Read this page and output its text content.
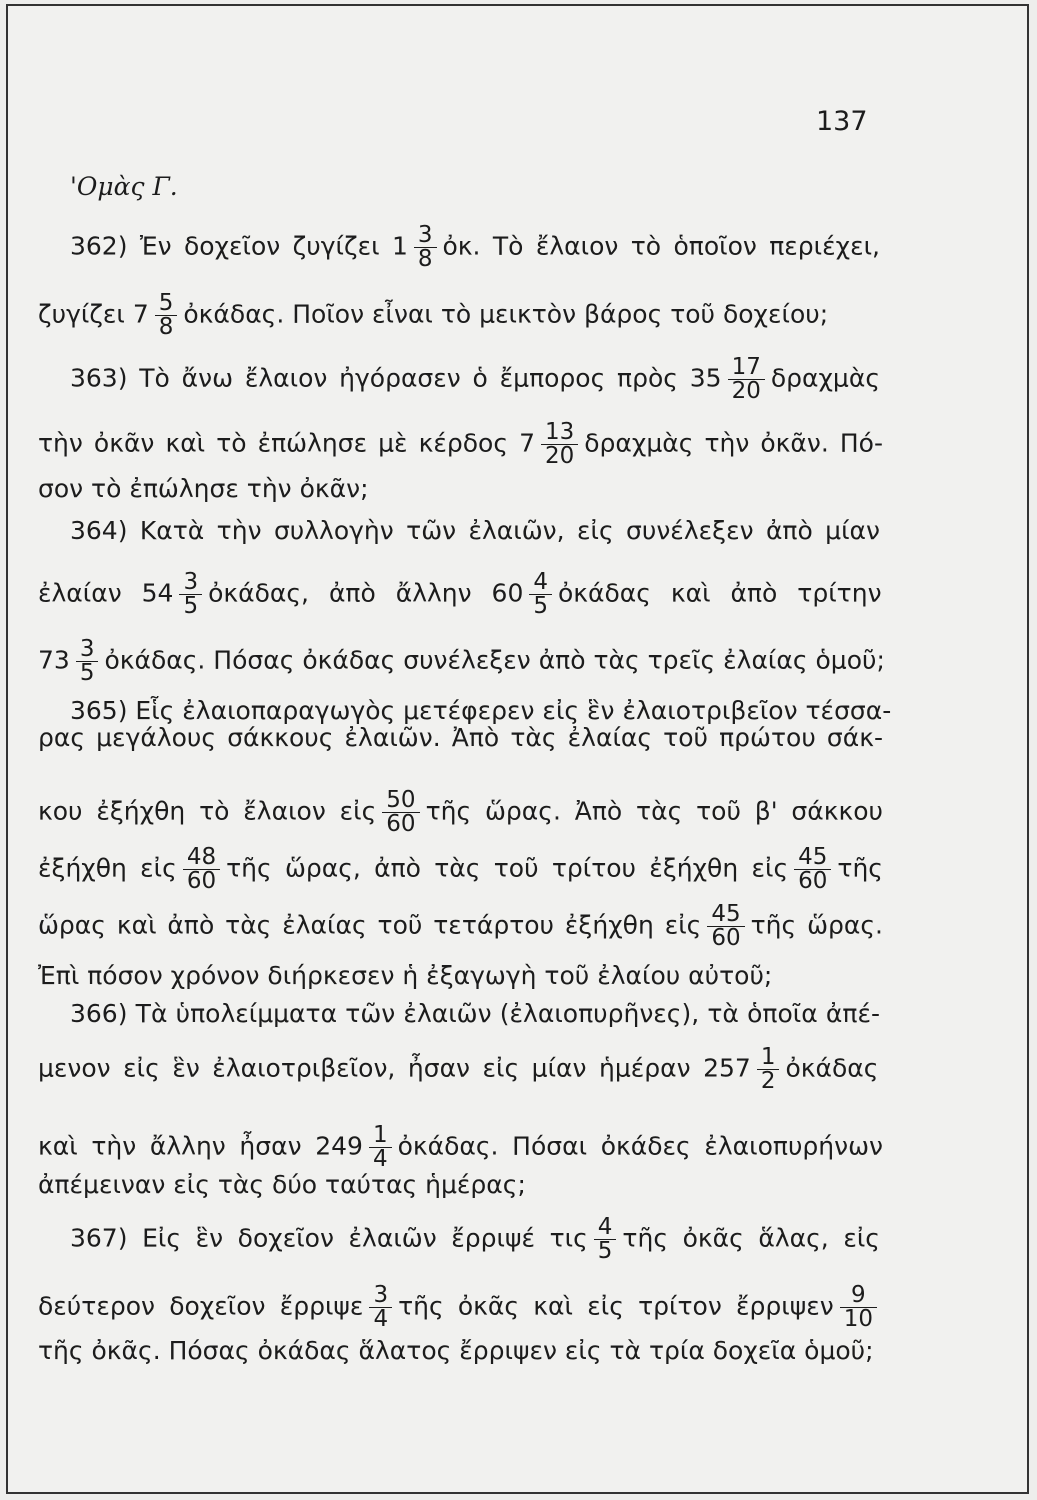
137
'Ομὰς Γ.
362) Ἐν δοχεῖον ζυγίζει $1 \frac{3}{8}$ ὀκ. Τὸ ἔλαιον τὸ ὁποῖον περιέχει,
ζυγίζει $7 \frac{5}{8}$ ὀκάδας. Ποῖον εἶναι τὸ μεικτὸν βάρος τοῦ δοχείου;
363) Τὸ ἄνω ἔλαιον ἠγόρασεν ὁ ἔμπορος πρὸς $35 \frac{17}{20}$ δραχμὰς
τὴν ὀκᾶν καὶ τὸ ἐπώλησε μὲ κέρδος $7 \frac{13}{20}$ δραχμὰς τὴν ὀκᾶν. Πό-
σον τὸ ἐπώλησε τὴν ὀκᾶν;
364) Κατὰ τὴν συλλογὴν τῶν ἐλαιῶν, εἰς συνέλεξεν ἀπὸ μίαν
ἐλαίαν $54 \frac{3}{5}$ ὀκάδας, ἀπὸ ἄλλην $60 \frac{4}{5}$ ὀκάδας καὶ ἀπὸ τρίτην
$73 \frac{3}{5}$ ὀκάδας. Πόσας ὀκάδας συνέλεξεν ἀπὸ τὰς τρεῖς ἐλαίας ὁμοῦ;
365) Εἷς ἐλαιοπαραγωγὸς μετέφερεν εἰς ἓν ἐλαιοτριβεῖον τέσσα-
ρας μεγάλους σάκκους ἐλαιῶν. Ἀπὸ τὰς ἐλαίας τοῦ πρώτου σάκ-
κου ἐξήχθη τὸ ἔλαιον εἰς $\frac{50}{60}$ τῆς ὥρας. Ἀπὸ τὰς τοῦ β' σάκκου
ἐξήχθη εἰς $\frac{48}{60}$ τῆς ὥρας, ἀπὸ τὰς τοῦ τρίτου ἐξήχθη εἰς $\frac{45}{60}$ τῆς
ὥρας καὶ ἀπὸ τὰς ἐλαίας τοῦ τετάρτου ἐξήχθη εἰς $\frac{45}{60}$ τῆς ὥρας.
Ἐπὶ πόσον χρόνον διήρκεσεν ἡ ἐξαγωγὴ τοῦ ἐλαίου αὐτοῦ;
366) Τὰ ὑπολείμματα τῶν ἐλαιῶν (ἐλαιοπυρῆνες), τὰ ὁποῖα ἀπέ-
μενον εἰς ἓν ἐλαιοτριβεῖον, ἦσαν εἰς μίαν ἡμέραν $257 \frac{1}{2}$ ὀκάδας
καὶ τὴν ἄλλην ἦσαν $249 \frac{1}{4}$ ὀκάδας. Πόσαι ὀκάδες ἐλαιοπυρήνων
ἀπέμειναν εἰς τὰς δύο ταύτας ἡμέρας;
367) Εἰς ἓν δοχεῖον ἐλαιῶν ἔρριψέ τις $\frac{4}{5}$ τῆς ὀκᾶς ἅλας, εἰς
δεύτερον δοχεῖον ἔρριψε $\frac{3}{4}$ τῆς ὀκᾶς καὶ εἰς τρίτον ἔρριψεν $\frac{9}{10}$
τῆς ὀκᾶς. Πόσας ὀκάδας ἅλατος ἔρριψεν εἰς τὰ τρία δοχεῖα ὁμοῦ;
